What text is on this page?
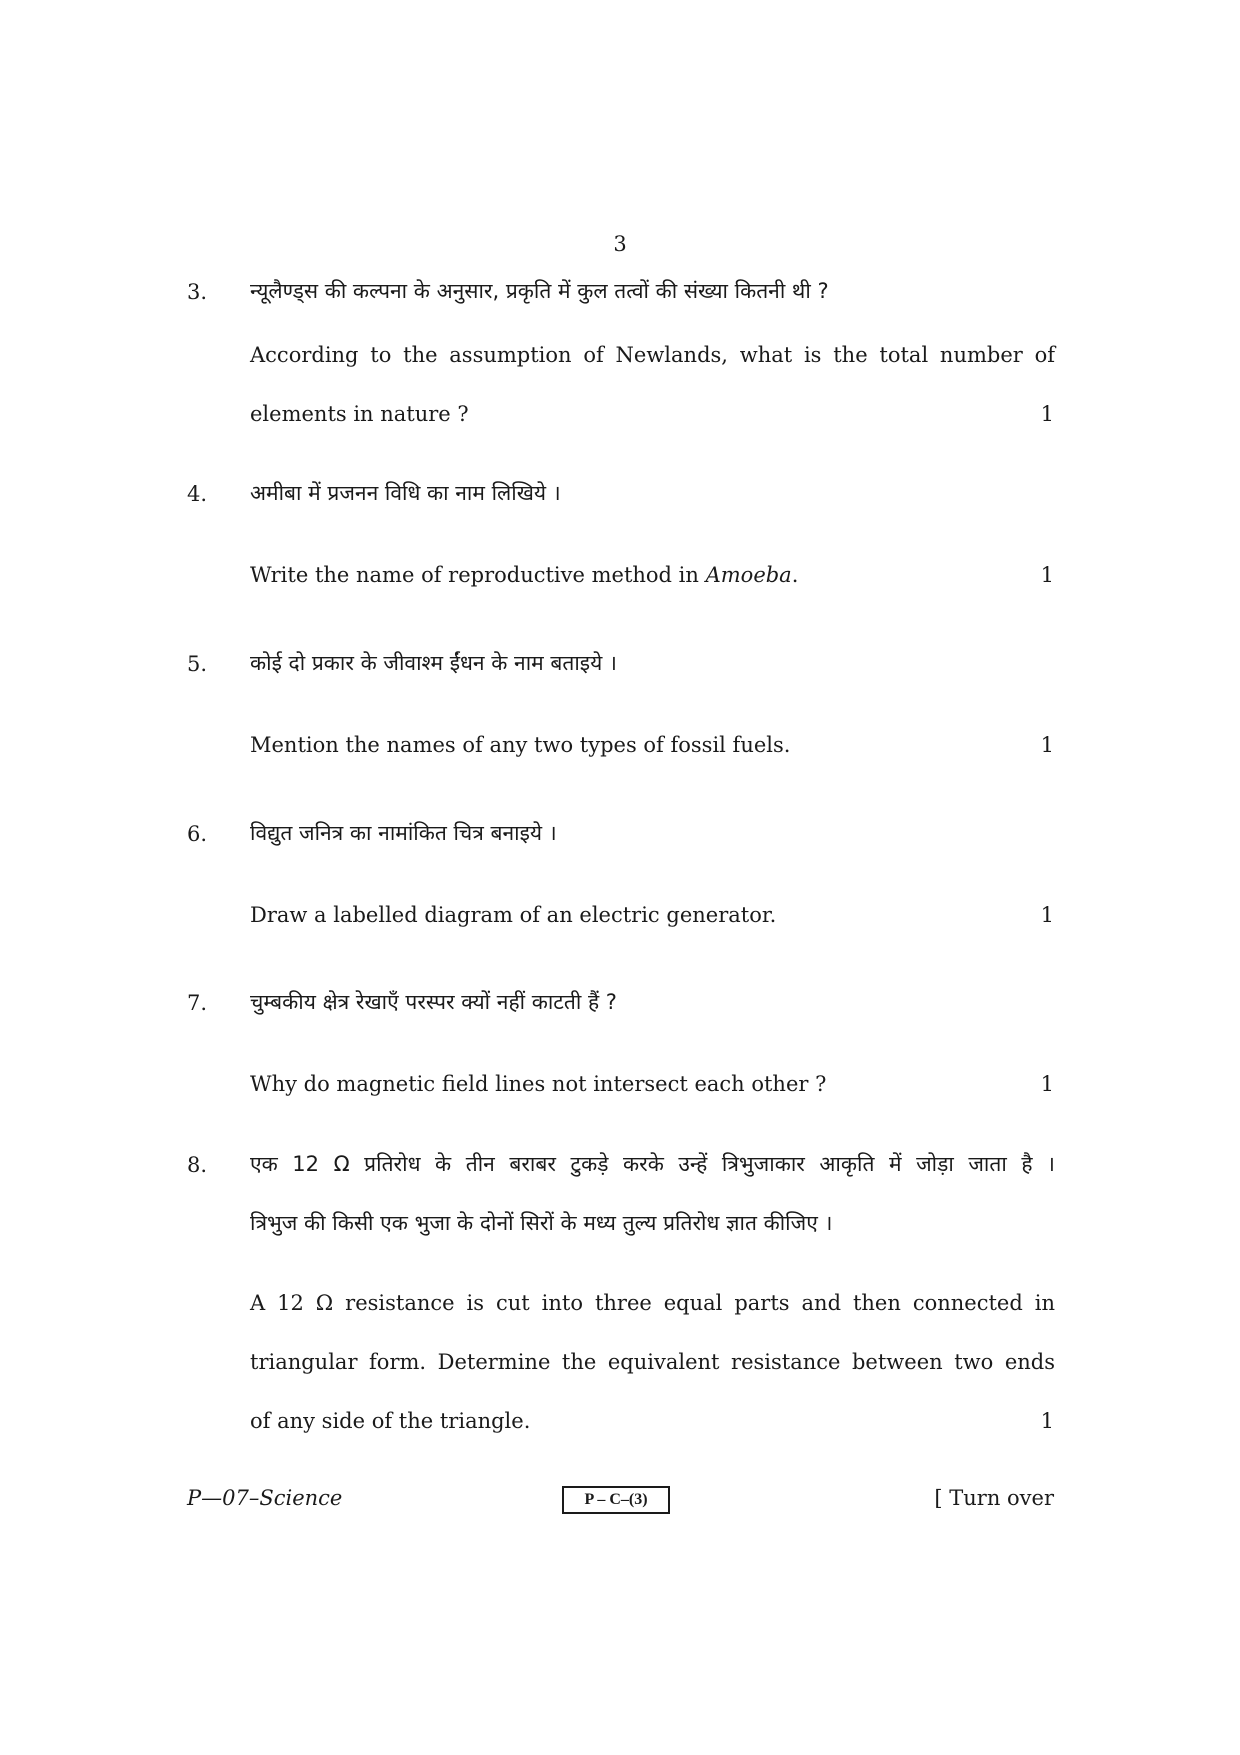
3
3. न्यूलैण्ड्स की कल्पना के अनुसार, प्रकृति में कुल तत्वों की संख्या कितनी थी ?
According to the assumption of Newlands, what is the total number of
elements in nature ?	1
4. अमीबा में प्रजनन विधि का नाम लिखिये ।
Write the name of reproductive method in Amoeba.	1
5. कोई दो प्रकार के जीवाश्म ईंधन के नाम बताइये ।
Mention the names of any two types of fossil fuels.	1
6. विद्युत जनित्र का नामांकित चित्र बनाइये ।
Draw a labelled diagram of an electric generator.	1
7. चुम्बकीय क्षेत्र रेखाएँ परस्पर क्यों नहीं काटती हैं ?
Why do magnetic field lines not intersect each other ?	1
8. एक 12 Ω प्रतिरोध के तीन बराबर टुकड़े करके उन्हें त्रिभुजाकार आकृति में जोड़ा जाता है ।
त्रिभुज की किसी एक भुजा के दोनों सिरों के मध्य तुल्य प्रतिरोध ज्ञात कीजिए ।
A 12 Ω resistance is cut into three equal parts and then connected in
triangular form. Determine the equivalent resistance between two ends
of any side of the triangle.	1
P—07–Science	P – C–(3)	[ Turn over
